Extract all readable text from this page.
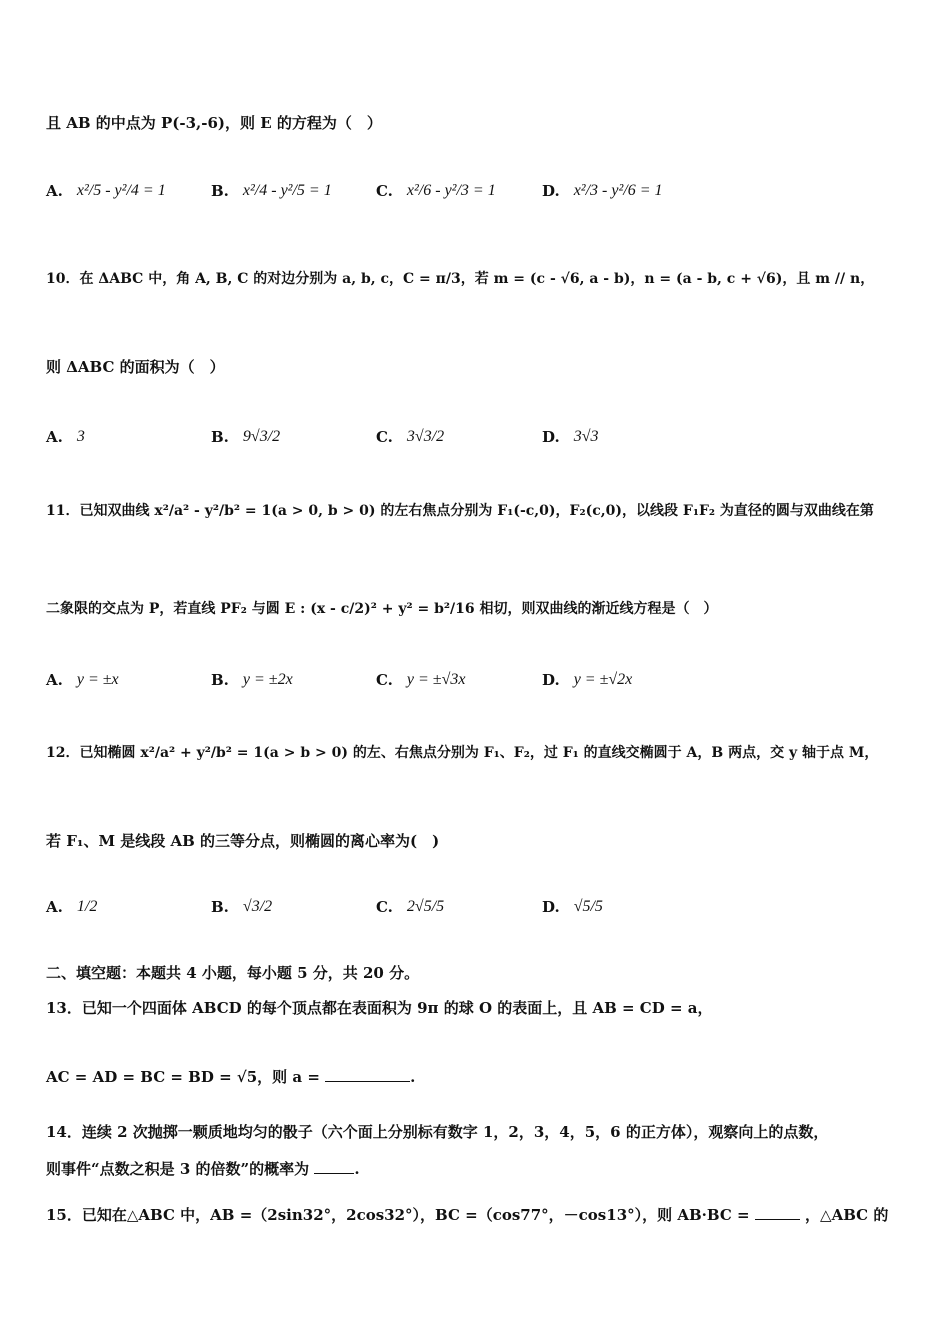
且 AB 的中点为 P(-3,-6)，则 E 的方程为（　）
A. x²/5 - y²/4 = 1	B. x²/4 - y²/5 = 1	C. x²/6 - y²/3 = 1	D. x²/3 - y²/6 = 1
10．在 ΔABC 中，角 A, B, C 的对边分别为 a, b, c，C = π/3，若 m = (c - √6, a - b)，n = (a - b, c + √6)，且 m // n，
则 ΔABC 的面积为（　）
A. 3	B. 9√3/2	C. 3√3/2	D. 3√3
11．已知双曲线 x²/a² - y²/b² = 1(a > 0, b > 0) 的左右焦点分别为 F₁(-c,0)，F₂(c,0)，以线段 F₁F₂ 为直径的圆与双曲线在第
二象限的交点为 P，若直线 PF₂ 与圆 E : (x - c/2)² + y² = b²/16 相切，则双曲线的渐近线方程是（　）
A. y = ±x	B. y = ±2x	C. y = ±√3x	D. y = ±√2x
12．已知椭圆 x²/a² + y²/b² = 1(a > b > 0) 的左、右焦点分别为 F₁、F₂，过 F₁ 的直线交椭圆于 A，B 两点，交 y 轴于点 M，
若 F₁、M 是线段 AB 的三等分点，则椭圆的离心率为(　)
A. 1/2	B. √3/2	C. 2√5/5	D. √5/5
二、填空题：本题共 4 小题，每小题 5 分，共 20 分。
13．已知一个四面体 ABCD 的每个顶点都在表面积为 9π 的球 O 的表面上，且 AB = CD = a，
AC = AD = BC = BD = √5，则 a =	.
14．连续 2 次抛掷一颗质地均匀的骰子（六个面上分别标有数字 1，2，3，4，5，6 的正方体），观察向上的点数，
则事件“点数之积是 3 的倍数”的概率为	.
15．已知在△ABC 中，AB =（2sin32°，2cos32°），BC =（cos77°，－cos13°），则 AB·BC =	，△ABC 的
